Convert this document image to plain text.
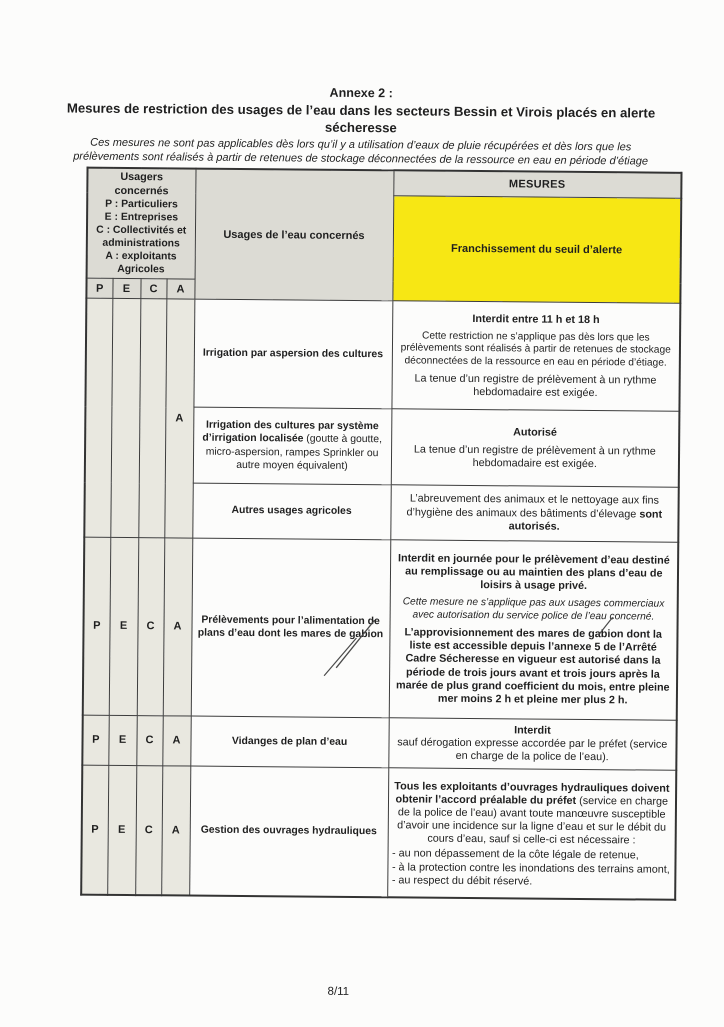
Annexe 2 :
Mesures de restriction des usages de l’eau dans les secteurs Bessin et Virois placés en alerte sécheresse
Ces mesures ne sont pas applicables dès lors qu’il y a utilisation d’eaux de pluie récupérées et dès lors que les prélèvements sont réalisés à partir de retenues de stockage déconnectées de la ressource en eau en période d’étiage
Usagers concernés
P : Particuliers
E : Entreprises
C : Collectivités et administrations
A : exploitants Agricoles				Usages de l’eau concernés	MESURES
					Franchissement du seuil d’alerte
P	E	C	A		
			A	Irrigation par aspersion des cultures	Interdit entre 11 h et 18 h

Cette restriction ne s’applique pas dès lors que les prélèvements sont réalisés à partir de retenues de stockage déconnectées de la ressource en eau en période d’étiage.

La tenue d’un registre de prélèvement à un rythme hebdomadaire est exigée.

				Irrigation des cultures par système d’irrigation localisée (goutte à goutte, micro-aspersion, rampes Sprinkler ou autre moyen équivalent)	Autorisé

La tenue d’un registre de prélèvement à un rythme hebdomadaire est exigée.

				Autres usages agricoles	L’abreuvement des animaux et le nettoyage aux fins d’hygiène des animaux des bâtiments d’élevage sont autorisés.

P	E	C	A	Prélèvements pour l’alimentation de plans d’eau dont les mares de gabion	Interdit en journée pour le prélèvement d’eau destiné au remplissage ou au maintien des plans d’eau de loisirs à usage privé.

Cette mesure ne s’applique pas aux usages commerciaux avec autorisation du service police de l’eau concerné.

L’approvisionnement des mares de gabion dont la liste est accessible depuis l’annexe 5 de l’Arrêté Cadre Sécheresse en vigueur est autorisé dans la période de trois jours avant et trois jours après la marée de plus grand coefficient du mois, entre pleine mer moins 2 h et pleine mer plus 2 h.

P	E	C	A	Vidanges de plan d’eau	Interdit
sauf dérogation expresse accordée par le préfet (service en charge de la police de l’eau).

P	E	C	A	Gestion des ouvrages hydrauliques	Tous les exploitants d’ouvrages hydrauliques doivent obtenir l’accord préalable du préfet (service en charge de la police de l’eau) avant toute manœuvre susceptible d’avoir une incidence sur la ligne d’eau et sur le débit du cours d’eau, sauf si celle-ci est nécessaire :

- au non dépassement de la côte légale de retenue,

- à la protection contre les inondations des terrains amont,

- au respect du débit réservé.

8/11
